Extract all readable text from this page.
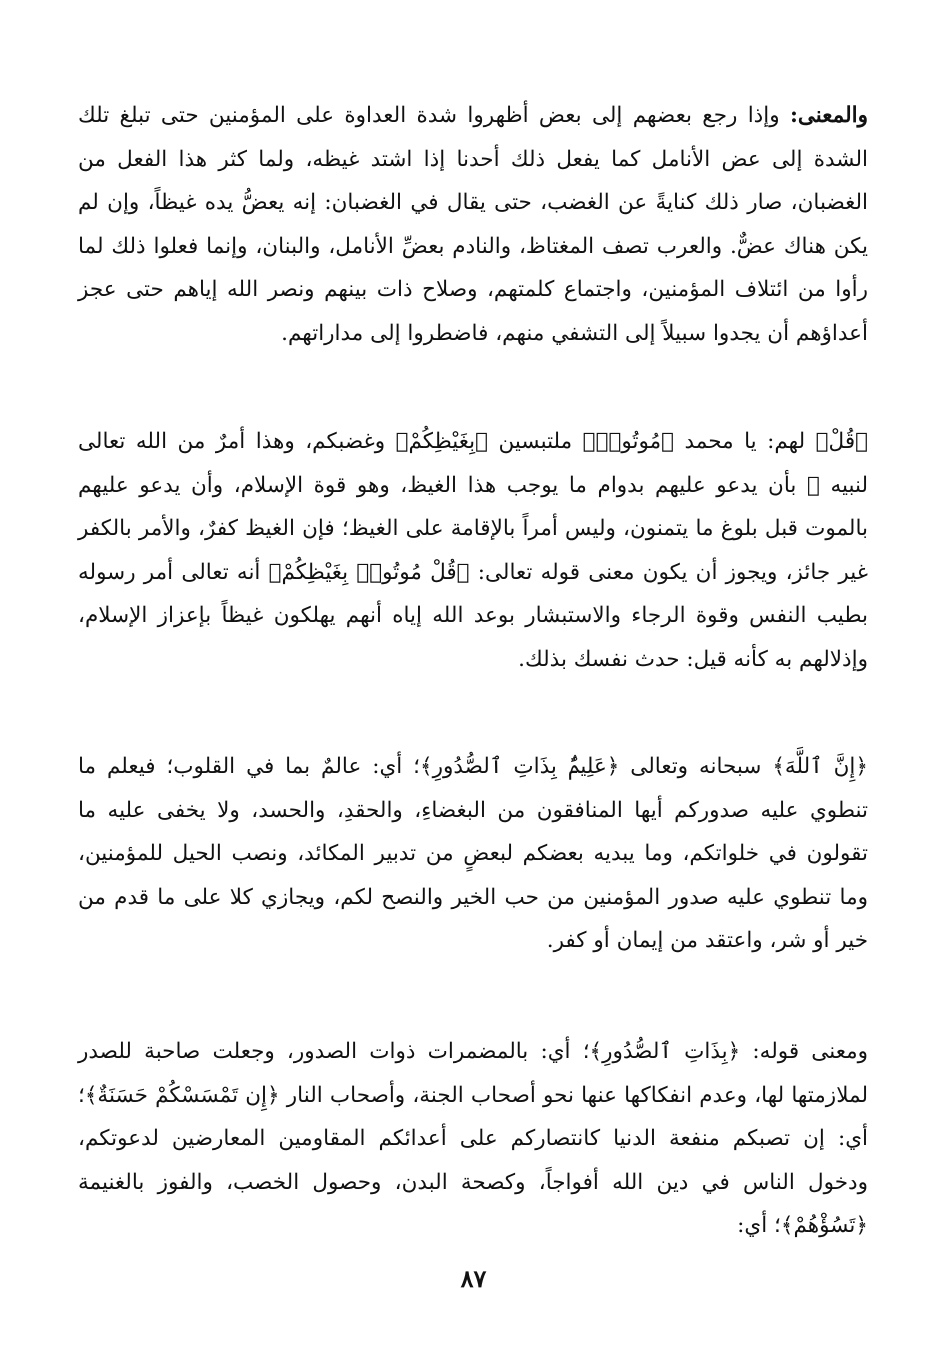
والمعنى: وإذا رجع بعضهم إلى بعض أظهروا شدة العداوة على المؤمنين حتى تبلغ تلك الشدة إلى عض الأنامل كما يفعل ذلك أحدنا إذا اشتد غيظه، ولما كثر هذا الفعل من الغضبان، صار ذلك كنايةً عن الغضب، حتى يقال في الغضبان: إنه يعضُّ يده غيظاً، وإن لم يكن هناك عضٌّ. والعرب تصف المغتاظ، والنادم بعضِّ الأنامل، والبنان، وإنما فعلوا ذلك لما رأوا من ائتلاف المؤمنين، واجتماع كلمتهم، وصلاح ذات بينهم ونصر الله إياهم حتى عجز أعداؤهم أن يجدوا سبيلاً إلى التشفي منهم، فاضطروا إلى مداراتهم.

﴿قُلْ﴾ لهم: يا محمد ﴿مُوتُوا۟﴾ ملتبسين ﴿بِغَيْظِكُمْ﴾ وغضبكم، وهذا أمرٌ من الله تعالى لنبيه ﷺ بأن يدعو عليهم بدوام ما يوجب هذا الغيظ، وهو قوة الإسلام، وأن يدعو عليهم بالموت قبل بلوغ ما يتمنون، وليس أمراً بالإقامة على الغيظ؛ فإن الغيظ كفرٌ، والأمر بالكفر غير جائز، ويجوز أن يكون معنى قوله تعالى: ﴿قُلْ مُوتُوا۟ بِغَيْظِكُمْ﴾ أنه تعالى أمر رسوله بطيب النفس وقوة الرجاء والاستبشار بوعد الله إياه أنهم يهلكون غيظاً بإعزاز الإسلام، وإذلالهم به كأنه قيل: حدث نفسك بذلك.

﴿إِنَّ ٱللَّهَ﴾ سبحانه وتعالى ﴿عَلِيمٌۢ بِذَاتِ ٱلصُّدُورِ﴾؛ أي: عالمٌ بما في القلوب؛ فيعلم ما تنطوي عليه صدوركم أيها المنافقون من البغضاءِ، والحقدِ، والحسد، ولا يخفى عليه ما تقولون في خلواتكم، وما يبديه بعضكم لبعضٍ من تدبير المكائد، ونصب الحيل للمؤمنين، وما تنطوي عليه صدور المؤمنين من حب الخير والنصح لكم، ويجازي كلا على ما قدم من خير أو شر، واعتقد من إيمان أو كفر.

ومعنى قوله: ﴿بِذَاتِ ٱلصُّدُورِ﴾؛ أي: بالمضمرات ذوات الصدور، وجعلت صاحبة للصدر لملازمتها لها، وعدم انفكاكها عنها نحو أصحاب الجنة، وأصحاب النار ﴿إِن تَمْسَسْكُمْ حَسَنَةٌ﴾؛ أي: إن تصبكم منفعة الدنيا كانتصاركم على أعدائكم المقاومين المعارضين لدعوتكم، ودخول الناس في دين الله أفواجاً، وكصحة البدن، وحصول الخصب، والفوز بالغنيمة ﴿تَسُؤْهُمْ﴾؛ أي:

٨٧
